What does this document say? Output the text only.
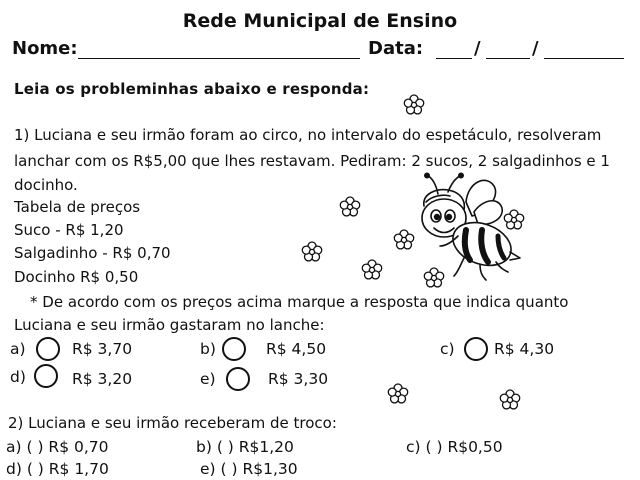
Rede Municipal de Ensino
Nome:	Data:	/	/
Leia os probleminhas abaixo e responda:
1) Luciana e seu irmão foram ao circo, no intervalo do espetáculo, resolveram
lanchar com os R$5,00 que lhes restavam. Pediram: 2 sucos, 2 salgadinhos e 1
docinho.
Tabela de preços
Suco - R$ 1,20
Salgadinho - R$ 0,70
Docinho R$ 0,50
* De acordo com os preços acima marque a resposta que indica quanto
Luciana e seu irmão gastaram no lanche:
a)	R$ 3,70	b)	R$ 4,50	c)	R$ 4,30
d)	R$ 3,20	e)	R$ 3,30
2) Luciana e seu irmão receberam de troco:
a) ( ) R$ 0,70	b) ( ) R$1,20	c) ( ) R$0,50
d) ( ) R$ 1,70	e) ( ) R$1,30
